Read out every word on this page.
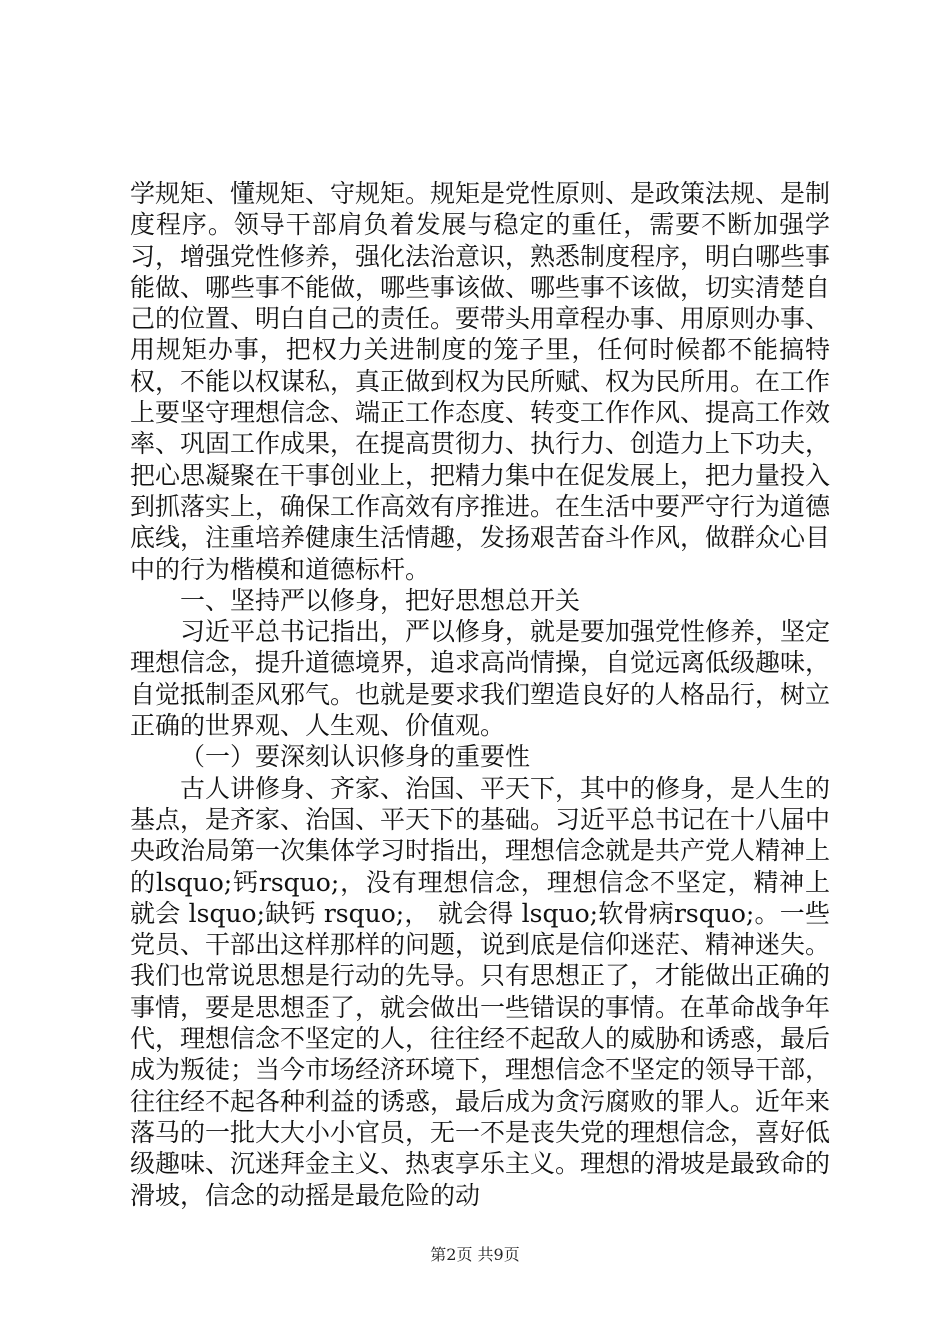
学规矩、懂规矩、守规矩。规矩是党性原则、是政策法规、是制度程序。领导干部肩负着发展与稳定的重任，需要不断加强学习，增强党性修养，强化法治意识，熟悉制度程序，明白哪些事能做、哪些事不能做，哪些事该做、哪些事不该做，切实清楚自己的位置、明白自己的责任。要带头用章程办事、用原则办事、用规矩办事，把权力关进制度的笼子里，任何时候都不能搞特权，不能以权谋私，真正做到权为民所赋、权为民所用。在工作上要坚守理想信念、端正工作态度、转变工作作风、提高工作效率、巩固工作成果，在提高贯彻力、执行力、创造力上下功夫，把心思凝聚在干事创业上，把精力集中在促发展上，把力量投入到抓落实上，确保工作高效有序推进。在生活中要严守行为道德底线，注重培养健康生活情趣，发扬艰苦奋斗作风，做群众心目中的行为楷模和道德标杆。

一、坚持严以修身，把好思想总开关

习近平总书记指出，严以修身，就是要加强党性修养，坚定理想信念，提升道德境界，追求高尚情操，自觉远离低级趣味，自觉抵制歪风邪气。也就是要求我们塑造良好的人格品行，树立正确的世界观、人生观、价值观。

（一）要深刻认识修身的重要性

古人讲修身、齐家、治国、平天下，其中的修身，是人生的基点，是齐家、治国、平天下的基础。习近平总书记在十八届中央政治局第一次集体学习时指出，理想信念就是共产党人精神上的lsquo;钙rsquo;，没有理想信念，理想信念不坚定，精神上就会 lsquo;缺钙 rsquo;， 就会得 lsquo;软骨病rsquo;。一些党员、干部出这样那样的问题，说到底是信仰迷茫、精神迷失。我们也常说思想是行动的先导。只有思想正了，才能做出正确的事情，要是思想歪了，就会做出一些错误的事情。在革命战争年代，理想信念不坚定的人，往往经不起敌人的威胁和诱惑，最后成为叛徒；当今市场经济环境下，理想信念不坚定的领导干部，往往经不起各种利益的诱惑，最后成为贪污腐败的罪人。近年来落马的一批大大小小官员，无一不是丧失党的理想信念，喜好低级趣味、沉迷拜金主义、热衷享乐主义。理想的滑坡是最致命的滑坡，信念的动摇是最危险的动

第2页 共9页
